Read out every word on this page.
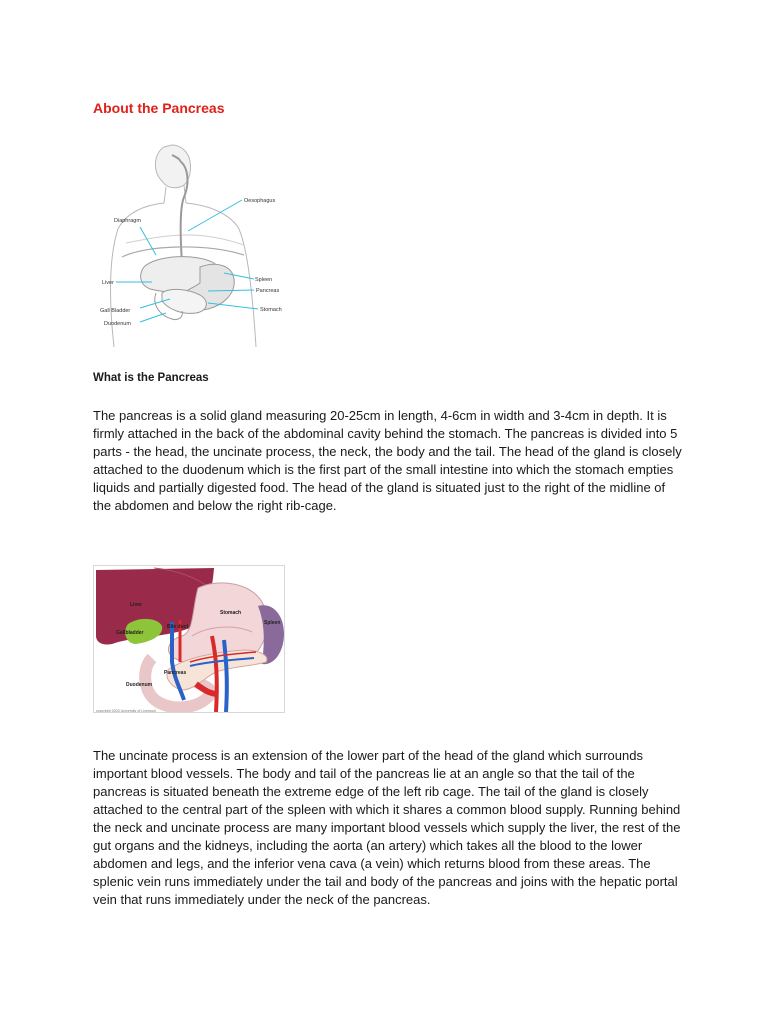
About the Pancreas
Oesophagus
Diaphragm
Liver	Spleen
Pancreas
Stomach
Gall Bladder
Duodenum
What is the Pancreas

The pancreas is a solid gland measuring 20-25cm in length, 4-6cm in width and 3-4cm in depth. It is firmly attached in the back of the abdominal cavity behind the stomach. The pancreas is divided into 5 parts - the head, the uncinate process, the neck, the body and the tail. The head of the gland is closely attached to the duodenum which is the first part of the small intestine into which the stomach empties liquids and partially digested food. The head of the gland is situated just to the right of the midline of the abdomen and below the right rib-cage.

Liver
Stomach
Spleen
Bile duct
Gallbladder
Pancreas
Duodenum
copyright 2003 University of Liverpool

The uncinate process is an extension of the lower part of the head of the gland which surrounds important blood vessels. The body and tail of the pancreas lie at an angle so that the tail of the pancreas is situated beneath the extreme edge of the left rib cage. The tail of the gland is closely attached to the central part of the spleen with which it shares a common blood supply. Running behind the neck and uncinate process are many important blood vessels which supply the liver, the rest of the gut organs and the kidneys, including the aorta (an artery) which takes all the blood to the lower abdomen and legs, and the inferior vena cava (a vein) which returns blood from these areas. The splenic vein runs immediately under the tail and body of the pancreas and joins with the hepatic portal vein that runs immediately under the neck of the pancreas.
